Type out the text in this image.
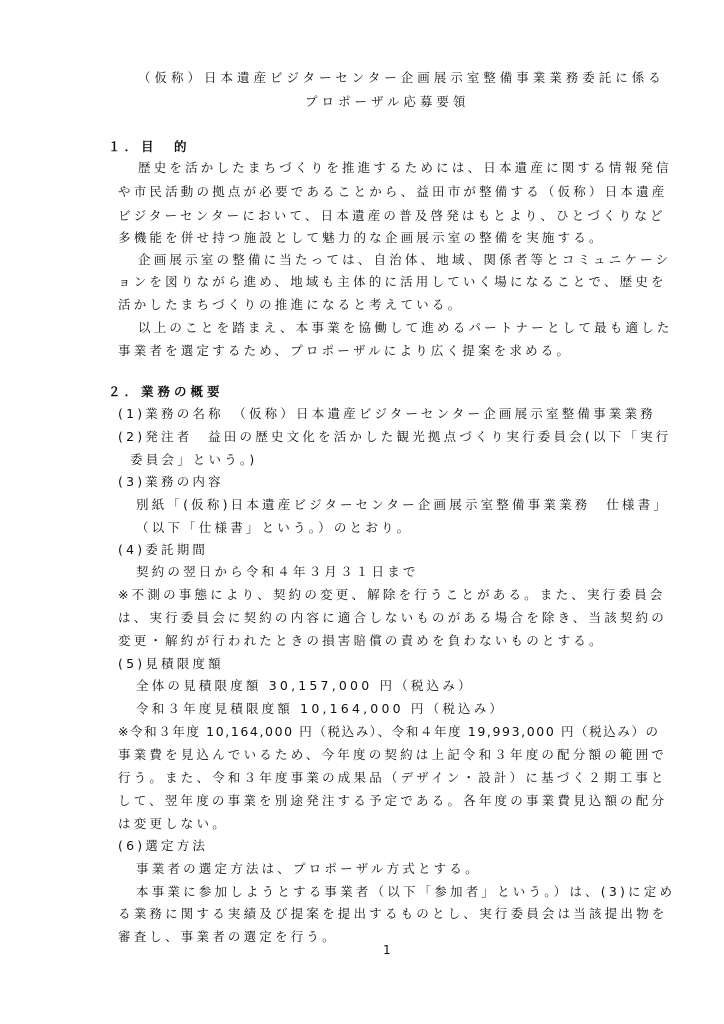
（仮称）日本遺産ビジターセンター企画展示室整備事業業務委託に係る
プロポーザル応募要領
１．目　的
歴史を活かしたまちづくりを推進するためには、日本遺産に関する情報発信
や市民活動の拠点が必要であることから、益田市が整備する（仮称）日本遺産
ビジターセンターにおいて、日本遺産の普及啓発はもとより、ひとづくりなど
多機能を併せ持つ施設として魅力的な企画展示室の整備を実施する。
企画展示室の整備に当たっては、自治体、地域、関係者等とコミュニケーシ
ョンを図りながら進め、地域も主体的に活用していく場になることで、歴史を
活かしたまちづくりの推進になると考えている。
以上のことを踏まえ、本事業を協働して進めるパートナーとして最も適した
事業者を選定するため、プロポーザルにより広く提案を求める。
２．業務の概要
(1)業務の名称　（仮称）日本遺産ビジターセンター企画展示室整備事業業務
(2)発注者　益田の歴史文化を活かした観光拠点づくり実行委員会(以下「実行
委員会」という。)
(3)業務の内容
別紙「(仮称)日本遺産ビジターセンター企画展示室整備事業業務　仕様書」
（以下「仕様書」という。）のとおり。
(4)委託期間
契約の翌日から令和４年３月３１日まで
※不測の事態により、契約の変更、解除を行うことがある。また、実行委員会
は、実行委員会に契約の内容に適合しないものがある場合を除き、当該契約の
変更・解約が行われたときの損害賠償の責めを負わないものとする。
(5)見積限度額
全体の見積限度額 30,157,000 円（税込み）
令和３年度見積限度額 10,164,000 円（税込み）
※令和３年度 10,164,000 円（税込み）、令和４年度 19,993,000 円（税込み）の
事業費を見込んでいるため、今年度の契約は上記令和３年度の配分額の範囲で
行う。また、令和３年度事業の成果品（デザイン・設計）に基づく２期工事と
して、翌年度の事業を別途発注する予定である。各年度の事業費見込額の配分
は変更しない。
(6)選定方法
事業者の選定方法は、プロポーザル方式とする。
本事業に参加しようとする事業者（以下「参加者」という。）は、(3)に定め
る業務に関する実績及び提案を提出するものとし、実行委員会は当該提出物を
審査し、事業者の選定を行う。
1
